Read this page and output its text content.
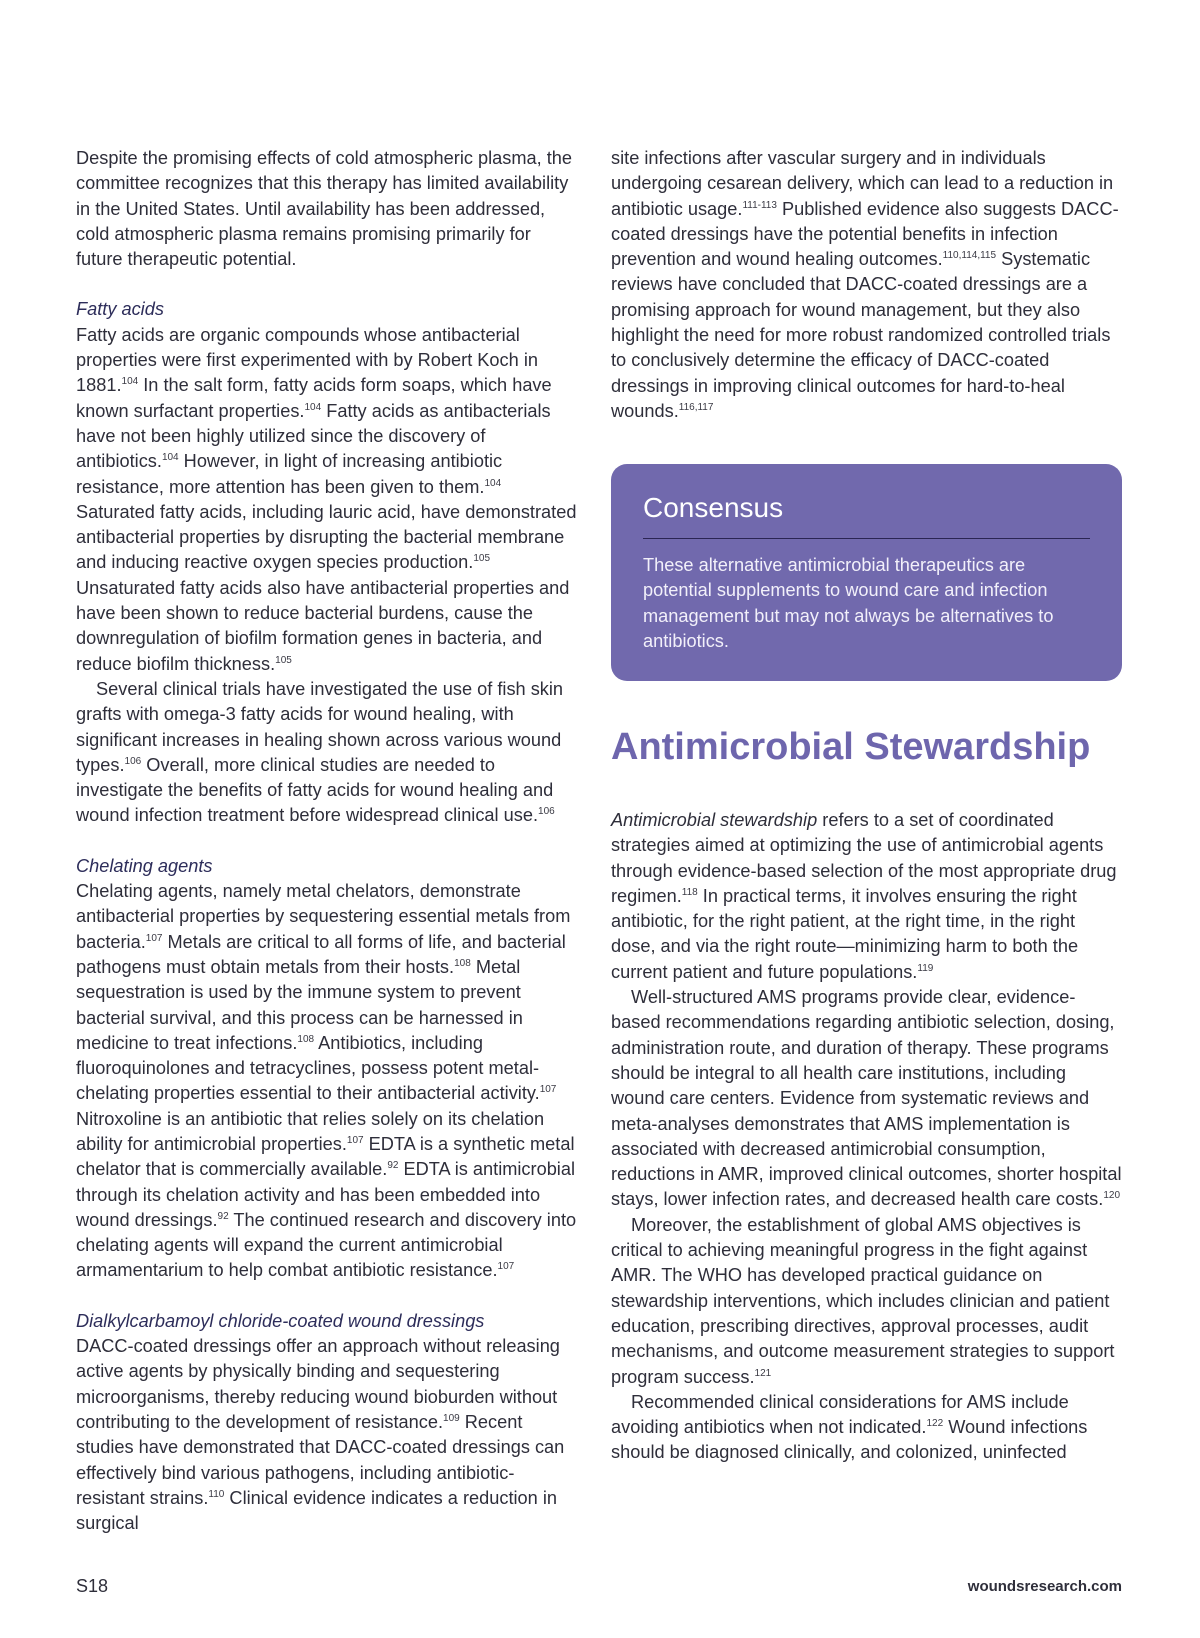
Despite the promising effects of cold atmospheric plasma, the committee recognizes that this therapy has limited availability in the United States. Until availability has been addressed, cold atmospheric plasma remains promising primarily for future therapeutic potential.

Fatty acids

Fatty acids are organic compounds whose antibacterial properties were first experimented with by Robert Koch in 1881.$^{104}$ In the salt form, fatty acids form soaps, which have known surfactant properties.$^{104}$ Fatty acids as antibacterials have not been highly utilized since the discovery of antibiotics.$^{104}$ However, in light of increasing antibiotic resistance, more attention has been given to them.$^{104}$ Saturated fatty acids, including lauric acid, have demonstrated antibacterial properties by disrupting the bacterial membrane and inducing reactive oxygen species production.$^{105}$ Unsaturated fatty acids also have antibacterial properties and have been shown to reduce bacterial burdens, cause the downregulation of biofilm formation genes in bacteria, and reduce biofilm thickness.$^{105}$

Several clinical trials have investigated the use of fish skin grafts with omega-3 fatty acids for wound healing, with significant increases in healing shown across various wound types.$^{106}$ Overall, more clinical studies are needed to investigate the benefits of fatty acids for wound healing and wound infection treatment before widespread clinical use.$^{106}$

Chelating agents

Chelating agents, namely metal chelators, demonstrate antibacterial properties by sequestering essential metals from bacteria.$^{107}$ Metals are critical to all forms of life, and bacterial pathogens must obtain metals from their hosts.$^{108}$ Metal sequestration is used by the immune system to prevent bacterial survival, and this process can be harnessed in medicine to treat infections.$^{108}$ Antibiotics, including fluoroquinolones and tetracyclines, possess potent metal-chelating properties essential to their antibacterial activity.$^{107}$ Nitroxoline is an antibiotic that relies solely on its chelation ability for antimicrobial properties.$^{107}$ EDTA is a synthetic metal chelator that is commercially available.$^{92}$ EDTA is antimicrobial through its chelation activity and has been embedded into wound dressings.$^{92}$ The continued research and discovery into chelating agents will expand the current antimicrobial armamentarium to help combat antibiotic resistance.$^{107}$

Dialkylcarbamoyl chloride-coated wound dressings

DACC-coated dressings offer an approach without releasing active agents by physically binding and sequestering microorganisms, thereby reducing wound bioburden without contributing to the development of resistance.$^{109}$ Recent studies have demonstrated that DACC-coated dressings can effectively bind various pathogens, including antibiotic-resistant strains.$^{110}$ Clinical evidence indicates a reduction in surgical

site infections after vascular surgery and in individuals undergoing cesarean delivery, which can lead to a reduction in antibiotic usage.$^{111-113}$ Published evidence also suggests DACC-coated dressings have the potential benefits in infection prevention and wound healing outcomes.$^{110,114,115}$ Systematic reviews have concluded that DACC-coated dressings are a promising approach for wound management, but they also highlight the need for more robust randomized controlled trials to conclusively determine the efficacy of DACC-coated dressings in improving clinical outcomes for hard-to-heal wounds.$^{116,117}$

Consensus

These alternative antimicrobial therapeutics are potential supplements to wound care and infection management but may not always be alternatives to antibiotics.

Antimicrobial Stewardship

Antimicrobial stewardship refers to a set of coordinated strategies aimed at optimizing the use of antimicrobial agents through evidence-based selection of the most appropriate drug regimen.$^{118}$ In practical terms, it involves ensuring the right antibiotic, for the right patient, at the right time, in the right dose, and via the right route—minimizing harm to both the current patient and future populations.$^{119}$

Well-structured AMS programs provide clear, evidence-based recommendations regarding antibiotic selection, dosing, administration route, and duration of therapy. These programs should be integral to all health care institutions, including wound care centers. Evidence from systematic reviews and meta-analyses demonstrates that AMS implementation is associated with decreased antimicrobial consumption, reductions in AMR, improved clinical outcomes, shorter hospital stays, lower infection rates, and decreased health care costs.$^{120}$

Moreover, the establishment of global AMS objectives is critical to achieving meaningful progress in the fight against AMR. The WHO has developed practical guidance on stewardship interventions, which includes clinician and patient education, prescribing directives, approval processes, audit mechanisms, and outcome measurement strategies to support program success.$^{121}$

Recommended clinical considerations for AMS include avoiding antibiotics when not indicated.$^{122}$ Wound infections should be diagnosed clinically, and colonized, uninfected

S18	woundsresearch.com
